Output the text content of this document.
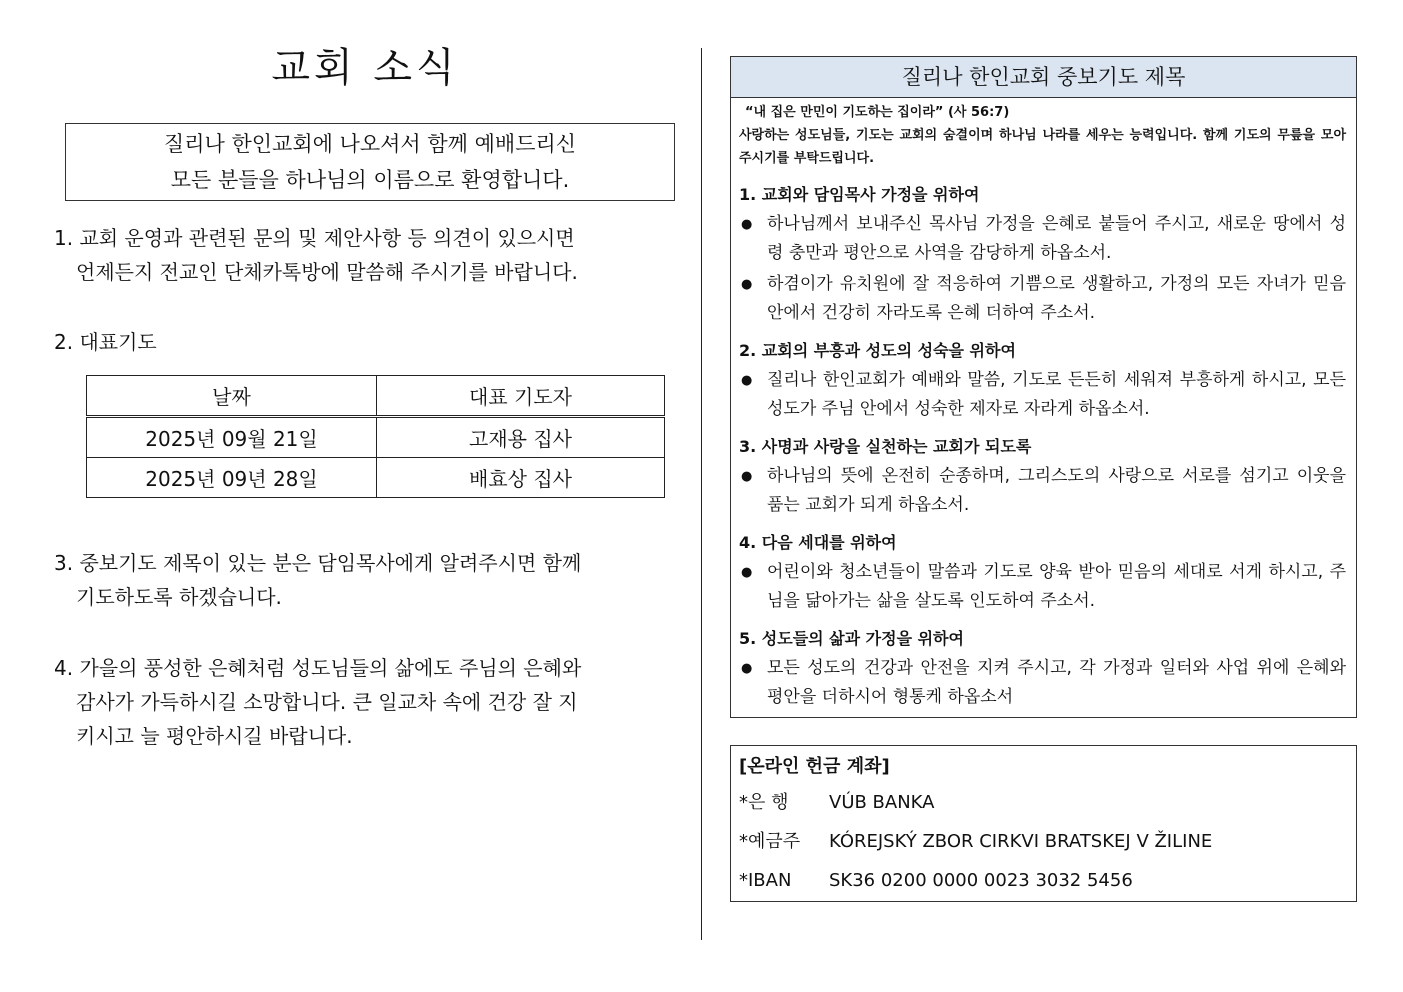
교회 소식
질리나 한인교회에 나오셔서 함께 예배드리신
모든 분들을 하나님의 이름으로 환영합니다.
1. 교회 운영과 관련된 문의 및 제안사항 등 의견이 있으시면
언제든지 전교인 단체카톡방에 말씀해 주시기를 바랍니다.
2. 대표기도
날짜	대표 기도자
2025년 09월 21일	고재용 집사
2025년 09년 28일	배효상 집사
3. 중보기도 제목이 있는 분은 담임목사에게 알려주시면 함께
기도하도록 하겠습니다.
4. 가을의 풍성한 은혜처럼 성도님들의 삶에도 주님의 은혜와
감사가 가득하시길 소망합니다. 큰 일교차 속에 건강 잘 지
키시고 늘 평안하시길 바랍니다.
질리나 한인교회 중보기도 제목
“내 집은 만민이 기도하는 집이라” (사 56:7)
사랑하는 성도님들, 기도는 교회의 숨결이며 하나님 나라를 세우는 능력입니다. 함께 기도의 무릎을 모아 주시기를 부탁드립니다.
1. 교회와 담임목사 가정을 위하여
● 하나님께서 보내주신 목사님 가정을 은혜로 붙들어 주시고, 새로운 땅에서 성령 충만과 평안으로 사역을 감당하게 하옵소서.
● 하겸이가 유치원에 잘 적응하여 기쁨으로 생활하고, 가정의 모든 자녀가 믿음 안에서 건강히 자라도록 은혜 더하여 주소서.
2. 교회의 부흥과 성도의 성숙을 위하여
● 질리나 한인교회가 예배와 말씀, 기도로 든든히 세워져 부흥하게 하시고, 모든 성도가 주님 안에서 성숙한 제자로 자라게 하옵소서.
3. 사명과 사랑을 실천하는 교회가 되도록
● 하나님의 뜻에 온전히 순종하며, 그리스도의 사랑으로 서로를 섬기고 이웃을 품는 교회가 되게 하옵소서.
4. 다음 세대를 위하여
● 어린이와 청소년들이 말씀과 기도로 양육 받아 믿음의 세대로 서게 하시고, 주님을 닮아가는 삶을 살도록 인도하여 주소서.
5. 성도들의 삶과 가정을 위하여
● 모든 성도의 건강과 안전을 지켜 주시고, 각 가정과 일터와 사업 위에 은혜와 평안을 더하시어 형통케 하옵소서
[온라인 헌금 계좌]
*은 행	VÚB BANKA
*예금주	KÓREJSKÝ ZBOR CIRKVI BRATSKEJ V ŽILINE
*IBAN	SK36 0200 0000 0023 3032 5456
